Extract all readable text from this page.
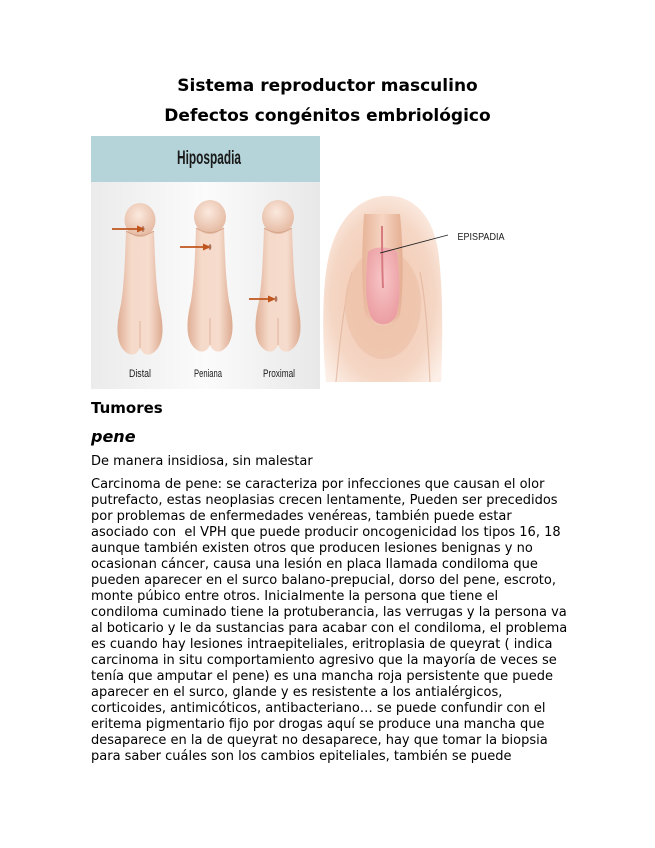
Sistema reproductor masculino
Defectos congénitos embriológico
Hipospadia
Distal	Peniana	Proximal
EPISPADIA
Tumores
pene
De manera insidiosa, sin malestar
Carcinoma de pene: se caracteriza por infecciones que causan el olor
putrefacto, estas neoplasias crecen lentamente, Pueden ser precedidos
por problemas de enfermedades venéreas, también puede estar
asociado con  el VPH que puede producir oncogenicidad los tipos 16, 18
aunque también existen otros que producen lesiones benignas y no
ocasionan cáncer, causa una lesión en placa llamada condiloma que
pueden aparecer en el surco balano-prepucial, dorso del pene, escroto,
monte púbico entre otros. Inicialmente la persona que tiene el
condiloma cuminado tiene la protuberancia, las verrugas y la persona va
al boticario y le da sustancias para acabar con el condiloma, el problema
es cuando hay lesiones intraepiteliales, eritroplasia de queyrat ( indica
carcinoma in situ comportamiento agresivo que la mayoría de veces se
tenía que amputar el pene) es una mancha roja persistente que puede
aparecer en el surco, glande y es resistente a los antialérgicos,
corticoides, antimicóticos, antibacteriano… se puede confundir con el
eritema pigmentario fijo por drogas aquí se produce una mancha que
desaparece en la de queyrat no desaparece, hay que tomar la biopsia
para saber cuáles son los cambios epiteliales, también se puede
